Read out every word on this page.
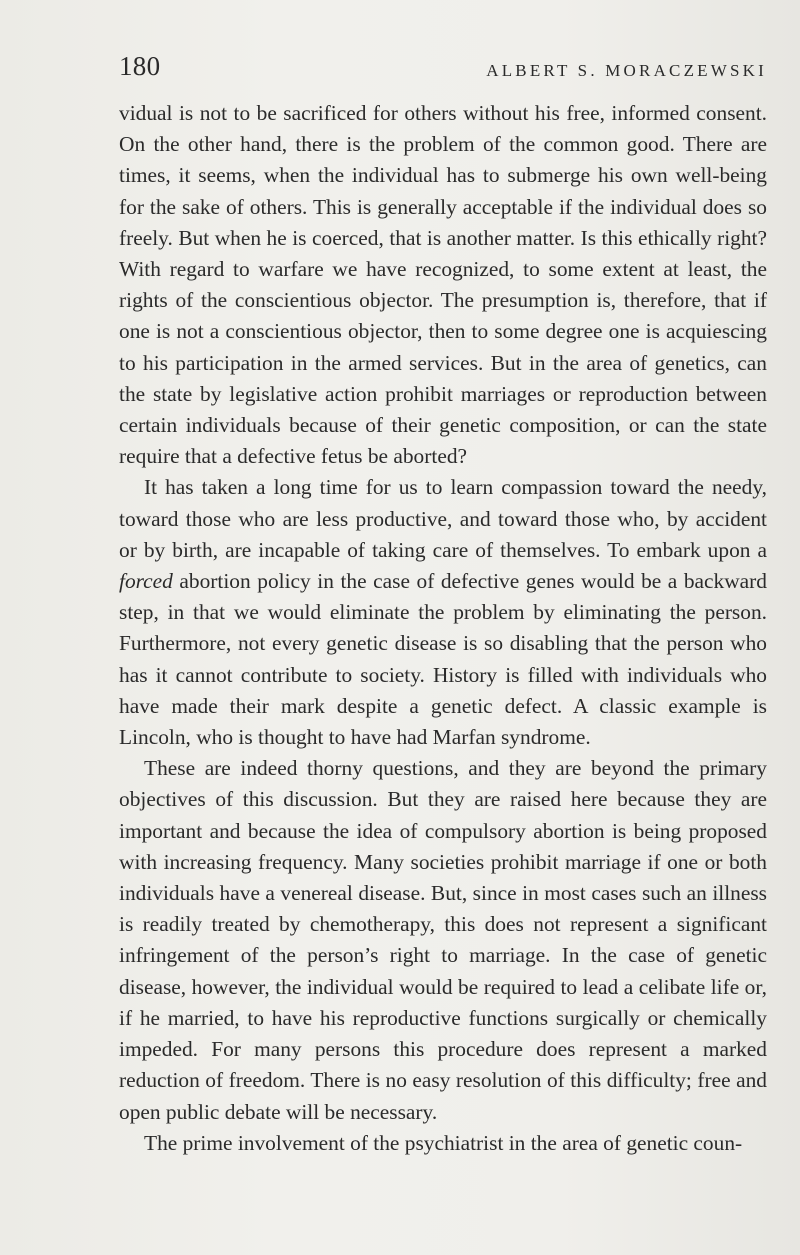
180	ALBERT S. MORACZEWSKI

vidual is not to be sacrificed for others without his free, informed consent. On the other hand, there is the problem of the common good. There are times, it seems, when the individual has to submerge his own well-being for the sake of others. This is generally acceptable if the individual does so freely. But when he is coerced, that is another matter. Is this ethically right? With regard to warfare we have recognized, to some extent at least, the rights of the conscientious objector. The presumption is, therefore, that if one is not a conscientious objector, then to some degree one is acquiescing to his participation in the armed services. But in the area of genetics, can the state by legislative action prohibit marriages or reproduction between certain individuals because of their genetic composition, or can the state require that a defective fetus be aborted?

It has taken a long time for us to learn compassion toward the needy, toward those who are less productive, and toward those who, by accident or by birth, are incapable of taking care of themselves. To embark upon a forced abortion policy in the case of defective genes would be a backward step, in that we would eliminate the problem by eliminating the person. Furthermore, not every genetic disease is so disabling that the person who has it cannot contribute to society. History is filled with individuals who have made their mark despite a genetic defect. A classic example is Lincoln, who is thought to have had Marfan syndrome.

These are indeed thorny questions, and they are beyond the primary objectives of this discussion. But they are raised here because they are important and because the idea of compulsory abortion is being proposed with increasing frequency. Many societies prohibit marriage if one or both individuals have a venereal disease. But, since in most cases such an illness is readily treated by chemotherapy, this does not represent a significant infringement of the person’s right to marriage. In the case of genetic disease, however, the individual would be required to lead a celibate life or, if he married, to have his reproductive functions surgically or chemically impeded. For many persons this procedure does represent a marked reduction of freedom. There is no easy resolution of this difficulty; free and open public debate will be necessary.

The prime involvement of the psychiatrist in the area of genetic coun-
